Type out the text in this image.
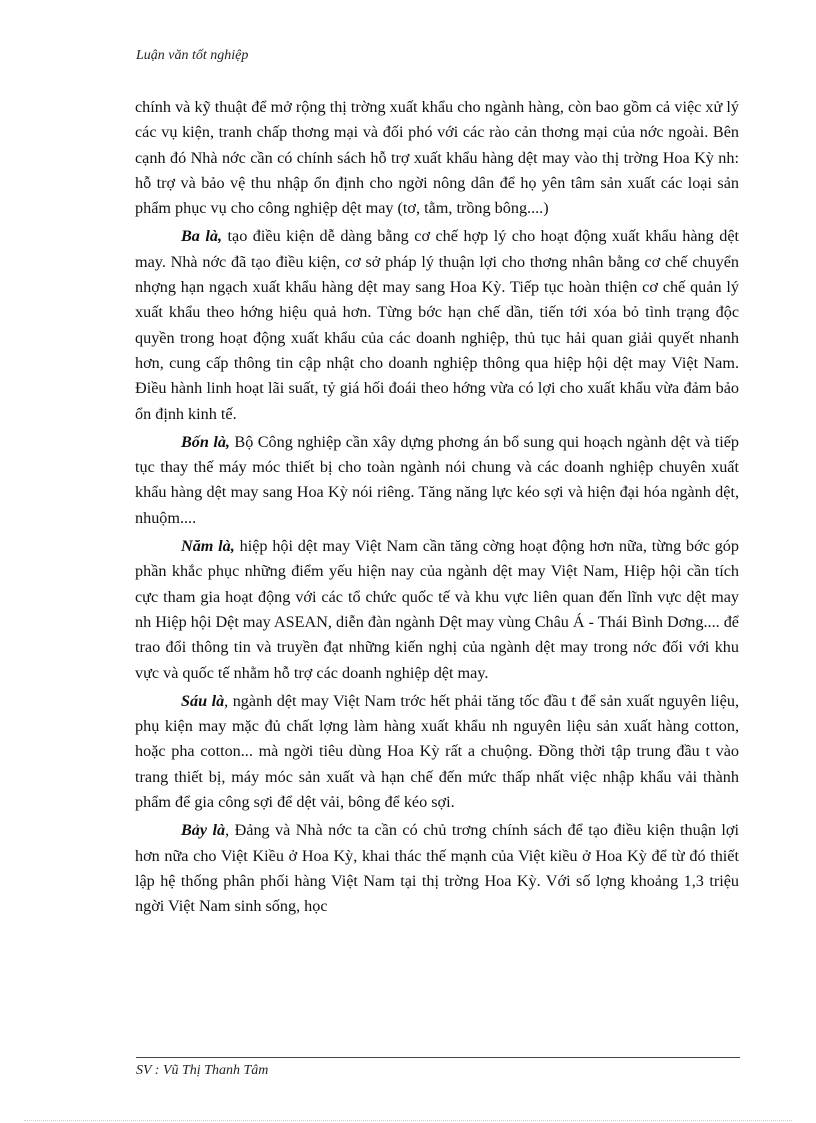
Luận văn tốt nghiệp

chính và kỹ thuật để mở rộng thị trờng xuất khẩu cho ngành hàng, còn bao gồm cả việc xử lý các vụ kiện, tranh chấp thơng mại và đối phó với các rào cản thơng mại của nớc ngoài. Bên cạnh đó Nhà nớc cần có chính sách hỗ trợ xuất khẩu hàng dệt may vào thị trờng Hoa Kỳ nh: hỗ trợ và bảo vệ thu nhập ổn định cho ngời nông dân để họ yên tâm sản xuất các loại sản phẩm phục vụ cho công nghiệp dệt may (tơ, tằm, trồng bông....)

Ba là, tạo điều kiện dễ dàng bằng cơ chế hợp lý cho hoạt động xuất khẩu hàng dệt may. Nhà nớc đã tạo điều kiện, cơ sở pháp lý thuận lợi cho thơng nhân bằng cơ chế chuyển nhợng hạn ngạch xuất khẩu hàng dệt may sang Hoa Kỳ. Tiếp tục hoàn thiện cơ chế quản lý xuất khẩu theo hớng hiệu quả hơn. Từng bớc hạn chế dần, tiến tới xóa bỏ tình trạng độc quyền trong hoạt động xuất khẩu của các doanh nghiệp, thủ tục hải quan giải quyết nhanh hơn, cung cấp thông tin cập nhật cho doanh nghiệp thông qua hiệp hội dệt may Việt Nam. Điều hành linh hoạt lãi suất, tỷ giá hối đoái theo hớng vừa có lợi cho xuất khẩu vừa đảm bảo ổn định kinh tế.

Bốn là, Bộ Công nghiệp cần xây dựng phơng án bổ sung qui hoạch ngành dệt và tiếp tục thay thế máy móc thiết bị cho toàn ngành nói chung và các doanh nghiệp chuyên xuất khẩu hàng dệt may sang Hoa Kỳ nói riêng. Tăng năng lực kéo sợi và hiện đại hóa ngành dệt, nhuộm....

Năm là, hiệp hội dệt may Việt Nam cần tăng cờng hoạt động hơn nữa, từng bớc góp phần khắc phục những điểm yếu hiện nay của ngành dệt may Việt Nam, Hiệp hội cần tích cực tham gia hoạt động với các tổ chức quốc tế và khu vực liên quan đến lĩnh vực dệt may nh Hiệp hội Dệt may ASEAN, diễn đàn ngành Dệt may vùng Châu Á - Thái Bình Dơng.... để trao đổi thông tin và truyền đạt những kiến nghị của ngành dệt may trong nớc đối với khu vực và quốc tế nhằm hỗ trợ các doanh nghiệp dệt may.

Sáu là, ngành dệt may Việt Nam trớc hết phải tăng tốc đầu t để sản xuất nguyên liệu, phụ kiện may mặc đủ chất lợng làm hàng xuất khẩu nh nguyên liệu sản xuất hàng cotton, hoặc pha cotton... mà ngời tiêu dùng Hoa Kỳ rất a chuộng. Đồng thời tập trung đầu t vào trang thiết bị, máy móc sản xuất và hạn chế đến mức thấp nhất việc nhập khẩu vải thành phẩm để gia công sợi để dệt vải, bông để kéo sợi.

Bảy là, Đảng và Nhà nớc ta cần có chủ trơng chính sách để tạo điều kiện thuận lợi hơn nữa cho Việt Kiều ở Hoa Kỳ, khai thác thế mạnh của Việt kiều ở Hoa Kỳ để từ đó thiết lập hệ thống phân phối hàng Việt Nam tại thị trờng Hoa Kỳ. Với số lợng khoảng 1,3 triệu ngời Việt Nam sinh sống, học

SV : Vũ Thị Thanh Tâm
